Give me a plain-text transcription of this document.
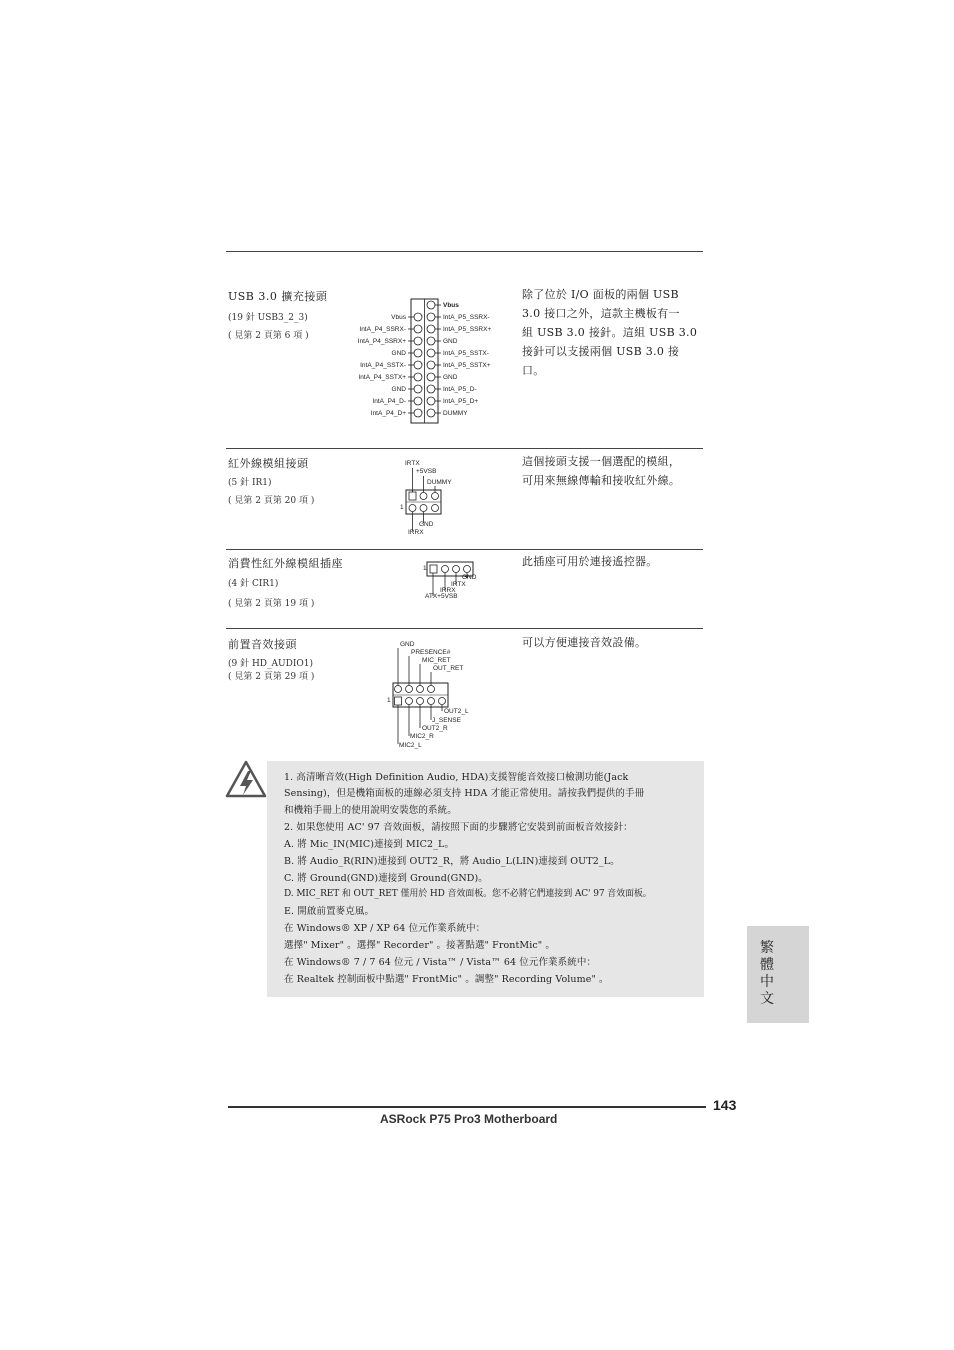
USB 3.0 擴充接頭
(19 針 USB3_2_3)
( 見第 2 頁第 6 項 )
除了位於 I/O 面板的兩個 USB
3.0 接口之外，這款主機板有一
組 USB 3.0 接針。這組 USB 3.0
接針可以支援兩個 USB 3.0 接
口。
Vbus
IntA_P4_SSRX-
IntA_P4_SSRX+
GND
IntA_P4_SSTX-
IntA_P4_SSTX+
GND
IntA_P4_D-
IntA_P4_D+
Vbus
IntA_P5_SSRX-
IntA_P5_SSRX+
GND
IntA_P5_SSTX-
IntA_P5_SSTX+
GND
IntA_P5_D-
IntA_P5_D+
DUMMY
紅外線模組接頭
(5 針 IR1)
( 見第 2 頁第 20 項 )
這個接頭支援一個選配的模組，
可用來無線傳輸和接收紅外線。
IRTX
+5VSB
DUMMY
1
GND
IRRX
消費性紅外線模組插座
(4 針 CIR1)
( 見第 2 頁第 19 項 )
此插座可用於連接遙控器。
1
GND
IRTX
IRRX
ATX+5VSB
前置音效接頭
(9 針 HD_AUDIO1)
( 見第 2 頁第 29 項 )
可以方便連接音效設備。
GND
PRESENCE#
MIC_RET
OUT_RET
1
OUT2_L
J_SENSE
OUT2_R
MIC2_R
MIC2_L
1. 高清晰音效(High Definition Audio, HDA)支援智能音效接口檢測功能(Jack
Sensing)，但是機箱面板的連線必須支持 HDA 才能正常使用。請按我們提供的手冊
和機箱手冊上的使用說明安裝您的系統。
2. 如果您使用 AC' 97 音效面板，請按照下面的步驟將它安裝到前面板音效接針：
A. 將 Mic_IN(MIC)連接到 MIC2_L。
B. 將 Audio_R(RIN)連接到 OUT2_R，將 Audio_L(LIN)連接到 OUT2_L。
C. 將 Ground(GND)連接到 Ground(GND)。
D. MIC_RET 和 OUT_RET 僅用於 HD 音效面板。您不必將它們連接到 AC' 97 音效面板。
E. 開啟前置麥克風。
在 Windows® XP / XP 64 位元作業系統中：
選擇" Mixer" 。選擇" Recorder" 。接著點選" FrontMic" 。
在 Windows® 7 / 7 64 位元 / Vista™ / Vista™ 64 位元作業系統中：
在 Realtek 控制面板中點選" FrontMic" 。調整" Recording Volume" 。
繁體中文
143
ASRock P75 Pro3 Motherboard
